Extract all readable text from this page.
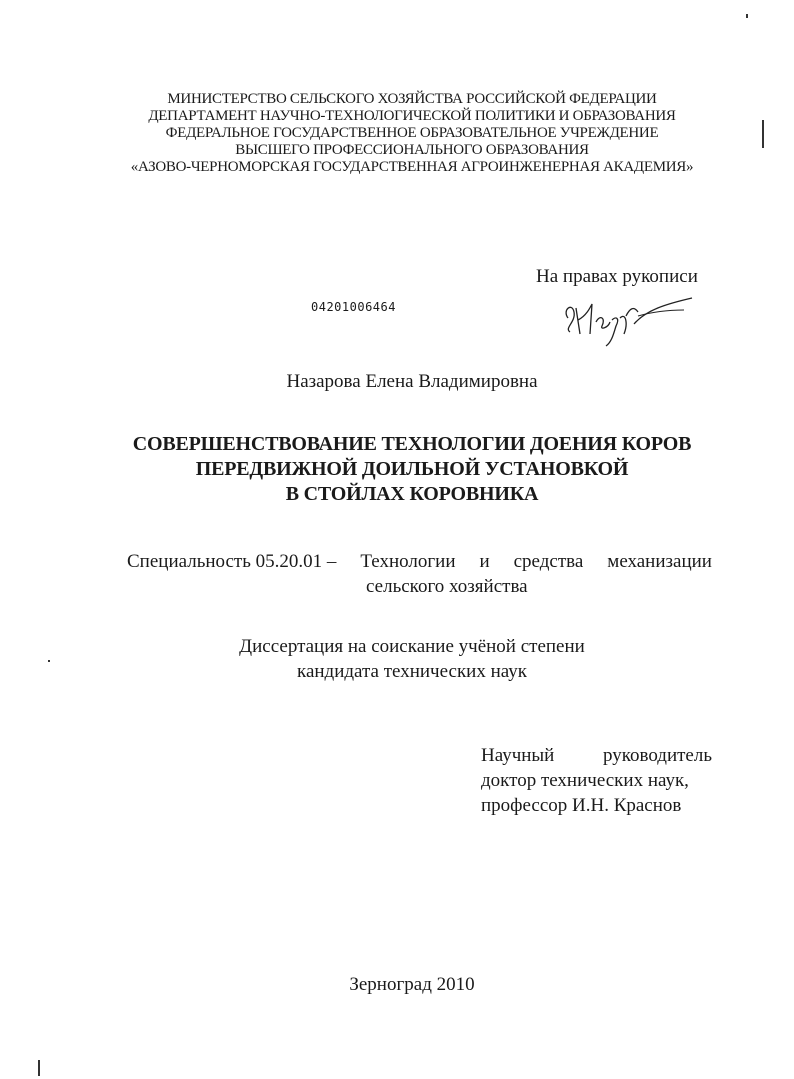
МИНИСТЕРСТВО СЕЛЬСКОГО ХОЗЯЙСТВА РОССИЙСКОЙ ФЕДЕРАЦИИ
ДЕПАРТАМЕНТ НАУЧНО-ТЕХНОЛОГИЧЕСКОЙ ПОЛИТИКИ И ОБРАЗОВАНИЯ
ФЕДЕРАЛЬНОЕ ГОСУДАРСТВЕННОЕ ОБРАЗОВАТЕЛЬНОЕ УЧРЕЖДЕНИЕ
ВЫСШЕГО ПРОФЕССИОНАЛЬНОГО ОБРАЗОВАНИЯ
«АЗОВО-ЧЕРНОМОРСКАЯ ГОСУДАРСТВЕННАЯ АГРОИНЖЕНЕРНАЯ АКАДЕМИЯ»
На правах рукописи
04201006464
Назарова Елена Владимировна
СОВЕРШЕНСТВОВАНИЕ ТЕХНОЛОГИИ ДОЕНИЯ КОРОВ
ПЕРЕДВИЖНОЙ ДОИЛЬНОЙ УСТАНОВКОЙ
В СТОЙЛАХ КОРОВНИКА
Специальность 05.20.01 – Технологии и средства механизации
сельского хозяйства
Диссертация на соискание учёной степени
кандидата технических наук
Научный	руководитель
доктор технических наук,
профессор И.Н. Краснов
Зерноград 2010
